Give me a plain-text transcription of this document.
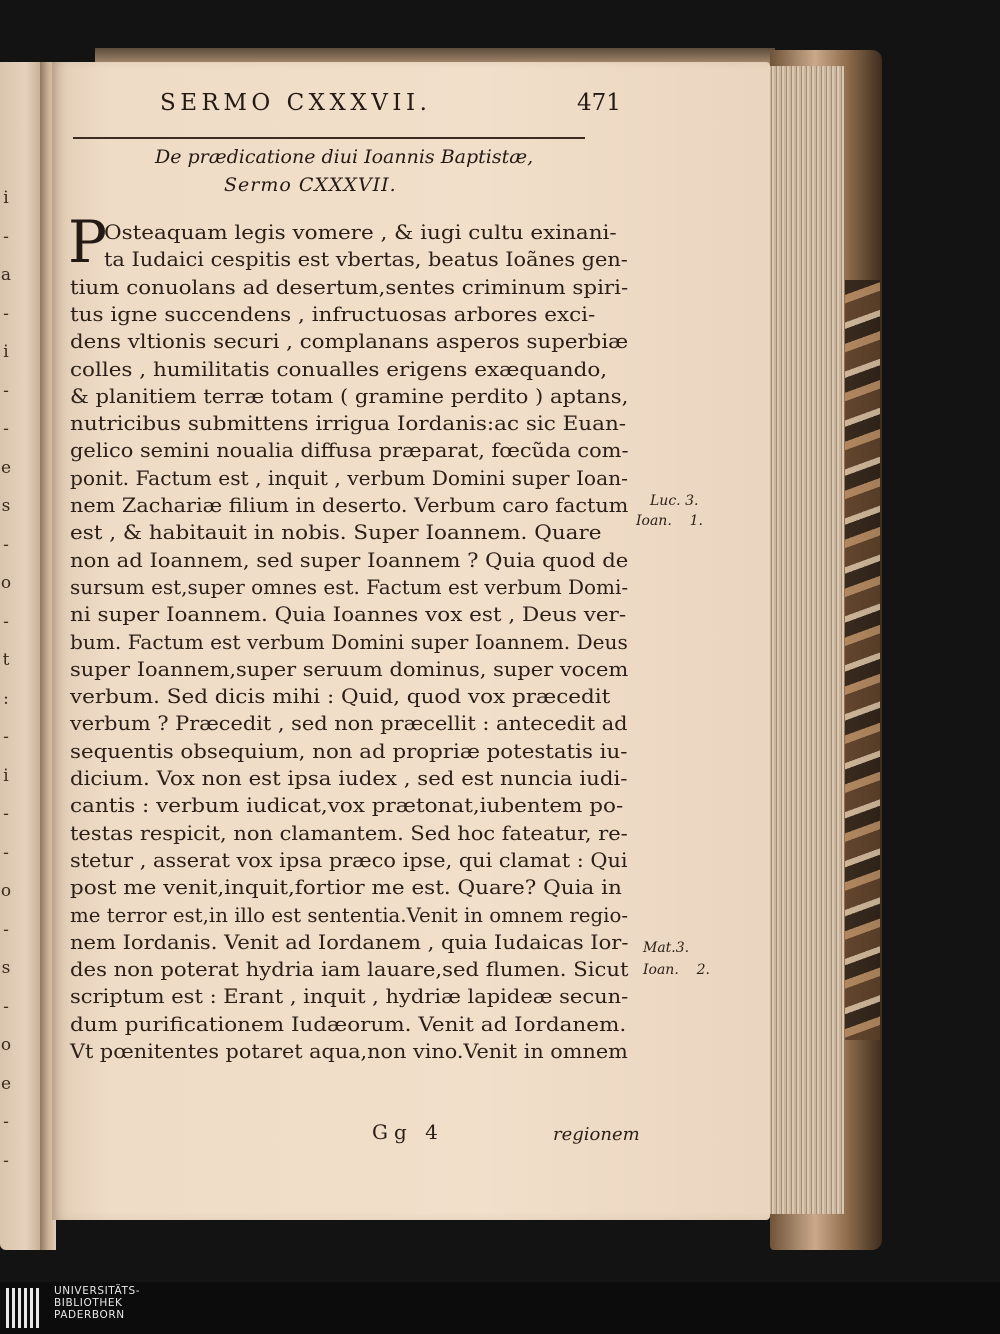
i
-
a
-
i
-
-
e
s
-
o
-
t
:
-
i
-
-
o
-
s
-
o
e
-
-
SERMO CXXXVII.	471
De prædicatione diui Ioannis Baptistæ,
Sermo CXXXVII.
P
Osteaquam legis vomere , & iugi cultu exinani-
ta Iudaici cespitis est vbertas, beatus Ioãnes gen-
tium conuolans ad desertum,sentes criminum spiri-
tus igne succendens , infructuosas arbores exci-
dens vltionis securi , complanans asperos superbiæ
colles , humilitatis conualles erigens exæquando,
& planitiem terræ totam ( gramine perdito ) aptans,
nutricibus submittens irrigua Iordanis:ac sic Euan-
gelico semini noualia diffusa præparat, fœcũda com-
ponit. Factum est , inquit , verbum Domini super Ioan-
nem Zachariæ filium in deserto. Verbum caro factum
est , & habitauit in nobis. Super Ioannem. Quare
non ad Ioannem, sed super Ioannem ? Quia quod de
sursum est,super omnes est. Factum est verbum Domi-
ni super Ioannem. Quia Ioannes vox est , Deus ver-
bum. Factum est verbum Domini super Ioannem. Deus
super Ioannem,super seruum dominus, super vocem
verbum. Sed dicis mihi : Quid, quod vox præcedit
verbum ? Præcedit , sed non præcellit : antecedit ad
sequentis obsequium, non ad propriæ potestatis iu-
dicium. Vox non est ipsa iudex , sed est nuncia iudi-
cantis : verbum iudicat,vox prætonat,iubentem po-
testas respicit, non clamantem. Sed hoc fateatur, re-
stetur , asserat vox ipsa præco ipse, qui clamat : Qui
post me venit,inquit,fortior me est. Quare? Quia in
me terror est,in illo est sententia.Venit in omnem regio-
nem Iordanis. Venit ad Iordanem , quia Iudaicas Ior-
des non poterat hydria iam lauare,sed flumen. Sicut
scriptum est : Erant , inquit , hydriæ lapideæ secun-
dum purificationem Iudæorum. Venit ad Iordanem.
Vt pœnitentes potaret aqua,non vino.Venit in omnem
Luc. 3.
Ioan. 1.
Mat.3.
Ioan. 2.
Gg 4	regionem
UNIVERSITÄTS-
BIBLIOTHEK
PADERBORN
